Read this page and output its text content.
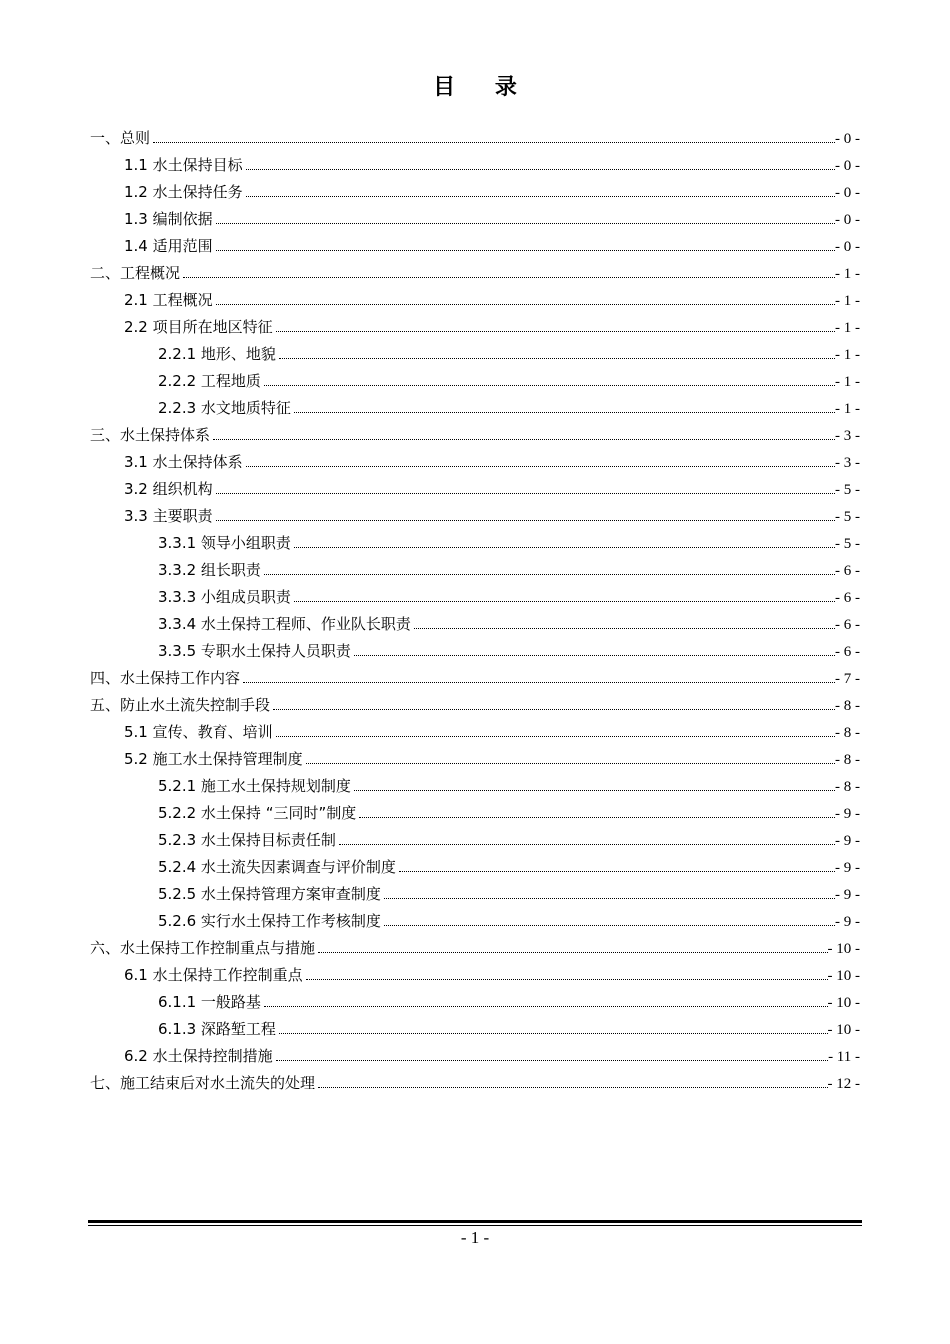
目 录
一、总则	- 0 -
1.1 水土保持目标	- 0 -
1.2 水土保持任务	- 0 -
1.3 编制依据	- 0 -
1.4 适用范围	- 0 -
二、工程概况	- 1 -
2.1 工程概况	- 1 -
2.2 项目所在地区特征	- 1 -
2.2.1 地形、地貌	- 1 -
2.2.2 工程地质	- 1 -
2.2.3 水文地质特征	- 1 -
三、水土保持体系	- 3 -
3.1 水土保持体系	- 3 -
3.2 组织机构	- 5 -
3.3 主要职责	- 5 -
3.3.1 领导小组职责	- 5 -
3.3.2 组长职责	- 6 -
3.3.3 小组成员职责	- 6 -
3.3.4 水土保持工程师、作业队长职责	- 6 -
3.3.5 专职水土保持人员职责	- 6 -
四、水土保持工作内容	- 7 -
五、防止水土流失控制手段	- 8 -
5.1 宣传、教育、培训	- 8 -
5.2 施工水土保持管理制度	- 8 -
5.2.1 施工水土保持规划制度	- 8 -
5.2.2 水土保持 “三同时”制度	- 9 -
5.2.3 水土保持目标责任制	- 9 -
5.2.4 水土流失因素调查与评价制度	- 9 -
5.2.5 水土保持管理方案审查制度	- 9 -
5.2.6 实行水土保持工作考核制度	- 9 -
六、水土保持工作控制重点与措施	- 10 -
6.1 水土保持工作控制重点	- 10 -
6.1.1 一般路基	- 10 -
6.1.3 深路堑工程	- 10 -
6.2 水土保持控制措施	- 11 -
七、施工结束后对水土流失的处理	- 12 -
- 1 -
